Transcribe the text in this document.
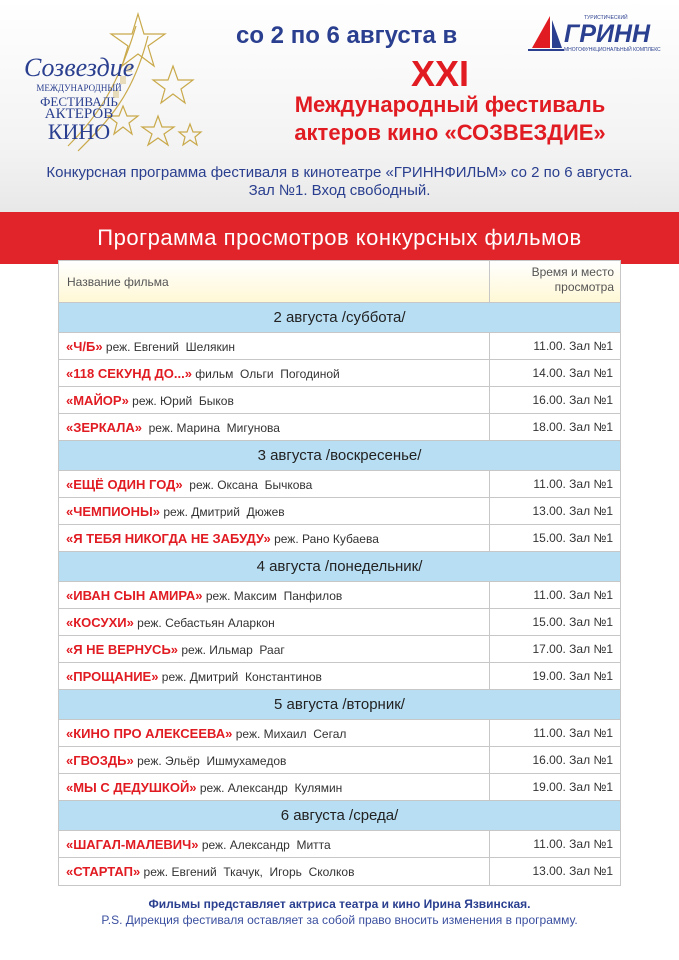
Созвездие
МЕЖДУНАРОДНЫЙ
ФЕСТИВАЛЬ
АКТЕРОВ
КИНО
со 2 по 6 августа в
ТУРИСТИЧЕСКИЙ
ГРИНН
МНОГОФУНКЦИОНАЛЬНЫЙ КОМПЛЕКС
XXI
Международный фестиваль
актеров кино «СОЗВЕЗДИЕ»
Конкурсная программа фестиваля в кинотеатре «ГРИННФИЛЬМ» со 2 по 6 августа.
Зал №1. Вход свободный.
Программа просмотров конкурсных фильмов
Название фильма
Время и место
просмотра
2 августа /суббота/
«Ч/Б» реж. Евгений  Шелякин	11.00. Зал №1
«118 СЕКУНД ДО...» фильм  Ольги  Погодиной	14.00. Зал №1
«МАЙОР» реж. Юрий  Быков	16.00. Зал №1
«ЗЕРКАЛА»  реж. Марина  Мигунова	18.00. Зал №1
3 августа /воскресенье/
«ЕЩЁ ОДИН ГОД»  реж. Оксана  Бычкова	11.00. Зал №1
«ЧЕМПИОНЫ» реж. Дмитрий  Дюжев	13.00. Зал №1
«Я ТЕБЯ НИКОГДА НЕ ЗАБУДУ» реж. Рано Кубаева	15.00. Зал №1
4 августа /понедельник/
«ИВАН СЫН АМИРА» реж. Максим  Панфилов	11.00. Зал №1
«КОСУХИ» реж. Себастьян Аларкон	15.00. Зал №1
«Я НЕ ВЕРНУСЬ» реж. Ильмар  Рааг	17.00. Зал №1
«ПРОЩАНИЕ» реж. Дмитрий  Константинов	19.00. Зал №1
5 августа /вторник/
«КИНО ПРО АЛЕКСЕЕВА» реж. Михаил  Сегал	11.00. Зал №1
«ГВОЗДЬ» реж. Эльёр  Ишмухамедов	16.00. Зал №1
«МЫ С ДЕДУШКОЙ» реж. Александр  Кулямин	19.00. Зал №1
6 августа /среда/
«ШАГАЛ-МАЛЕВИЧ» реж. Александр  Митта	11.00. Зал №1
«СТАРТАП» реж. Евгений  Ткачук,  Игорь  Сколков	13.00. Зал №1
Фильмы представляет актриса театра и кино Ирина Язвинская.
P.S. Дирекция фестиваля оставляет за собой право вносить изменения в программу.
